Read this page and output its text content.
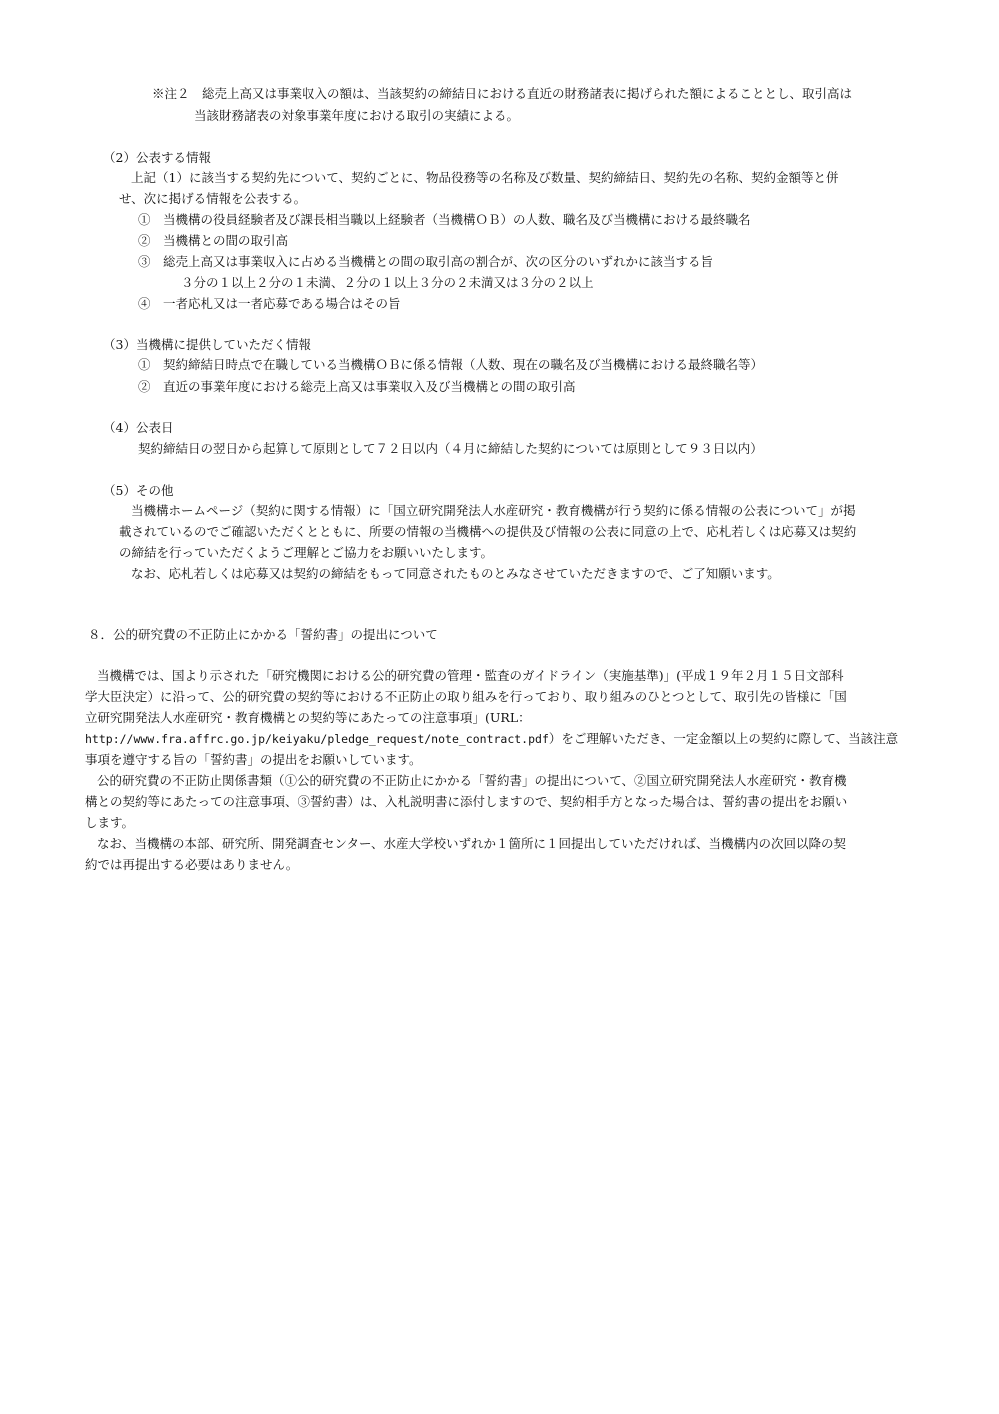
※注２　総売上高又は事業収入の額は、当該契約の締結日における直近の財務諸表に掲げられた額によることとし、取引高は
当該財務諸表の対象事業年度における取引の実績による。
（2）公表する情報
上記（1）に該当する契約先について、契約ごとに、物品役務等の名称及び数量、契約締結日、契約先の名称、契約金額等と併
せ、次に掲げる情報を公表する。
①　当機構の役員経験者及び課長相当職以上経験者（当機構ＯＢ）の人数、職名及び当機構における最終職名
②　当機構との間の取引高
③　総売上高又は事業収入に占める当機構との間の取引高の割合が、次の区分のいずれかに該当する旨
３分の１以上２分の１未満、２分の１以上３分の２未満又は３分の２以上
④　一者応札又は一者応募である場合はその旨
（3）当機構に提供していただく情報
①　契約締結日時点で在職している当機構ＯＢに係る情報（人数、現在の職名及び当機構における最終職名等）
②　直近の事業年度における総売上高又は事業収入及び当機構との間の取引高
（4）公表日
契約締結日の翌日から起算して原則として７２日以内（４月に締結した契約については原則として９３日以内）
（5）その他
当機構ホームページ（契約に関する情報）に「国立研究開発法人水産研究・教育機構が行う契約に係る情報の公表について」が掲
載されているのでご確認いただくとともに、所要の情報の当機構への提供及び情報の公表に同意の上で、応札若しくは応募又は契約
の締結を行っていただくようご理解とご協力をお願いいたします。
なお、応札若しくは応募又は契約の締結をもって同意されたものとみなさせていただきますので、ご了知願います。
８．公的研究費の不正防止にかかる「誓約書」の提出について
当機構では、国より示された「研究機関における公的研究費の管理・監査のガイドライン（実施基準)」(平成１９年２月１５日文部科
学大臣決定）に沿って、公的研究費の契約等における不正防止の取り組みを行っており、取り組みのひとつとして、取引先の皆様に「国
立研究開発法人水産研究・教育機構との契約等にあたっての注意事項」(URL：
http://www.fra.affrc.go.jp/keiyaku/pledge_request/note_contract.pdf）をご理解いただき、一定金額以上の契約に際して、当該注意
事項を遵守する旨の「誓約書」の提出をお願いしています。
公的研究費の不正防止関係書類（①公的研究費の不正防止にかかる「誓約書」の提出について、②国立研究開発法人水産研究・教育機
構との契約等にあたっての注意事項、③誓約書）は、入札説明書に添付しますので、契約相手方となった場合は、誓約書の提出をお願い
します。
なお、当機構の本部、研究所、開発調査センター、水産大学校いずれか１箇所に１回提出していただければ、当機構内の次回以降の契
約では再提出する必要はありません。
